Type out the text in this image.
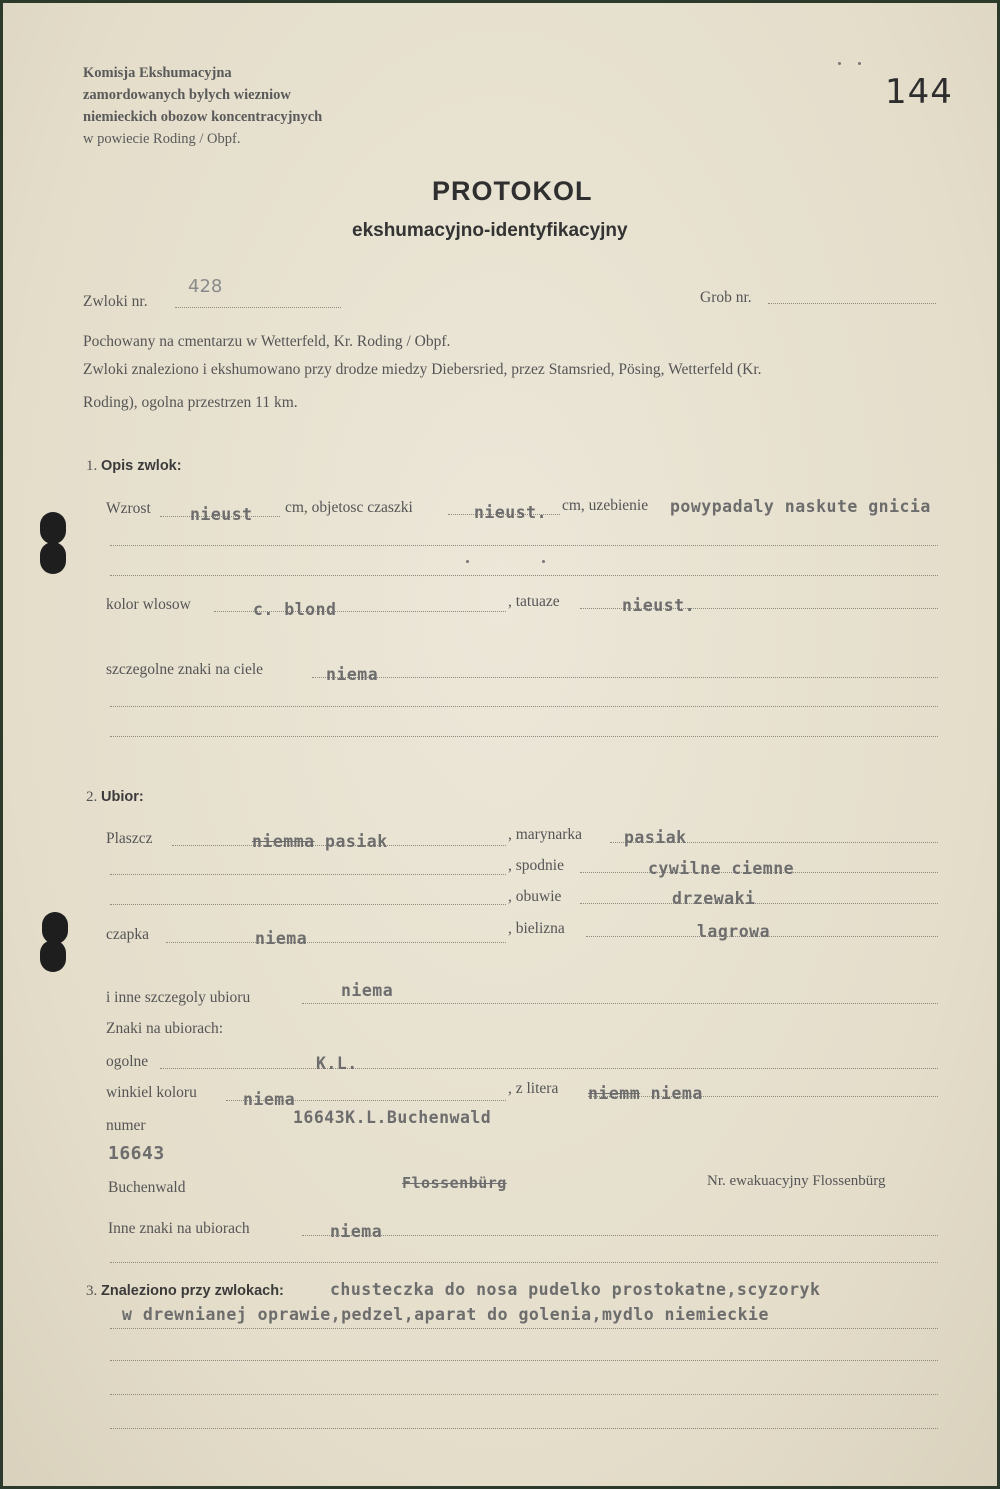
Komisja Ekshumacyjna
zamordowanych bylych wiezniow
niemieckich obozow koncentracyjnych
w powiecie Roding / Obpf.
144
PROTOKOL
ekshumacyjno-identyfikacyjny
Zwloki nr.
428
Grob nr.
Pochowany na cmentarzu w Wetterfeld, Kr. Roding / Obpf.
Zwloki znaleziono i ekshumowano przy drodze miedzy Diebersried, przez Stamsried, Pösing, Wetterfeld (Kr.
Roding), ogolna przestrzen 11 km.
1. Opis zwlok:
Wzrost nieust cm, objetosc czaszki	nieust. cm, uzebienie powypadaly naskute gnicia
kolor wlosow	c. blond	, tatuaze	nieust.
szczegolne znaki na ciele	niema
2. Ubior:
Plaszcz	niemma pasiak	, marynarka	pasiak
, spodnie	cywilne ciemne
, obuwie	drzewaki
czapka	niema
, bielizna	lagrowa
i inne szczegoly ubioru	niema
Znaki na ubiorach:
ogolne	K.L.
winkiel koloru	niema
, z litera niemm niema
numer	16643K.L.Buchenwald
16643
Buchenwald	Flossenbürg	Nr. ewakuacyjny Flossenbürg
Inne znaki na ubiorach	niema
3. Znaleziono przy zwlokach:	chusteczka do nosa pudelko prostokatne,scyzoryk
w drewnianej oprawie,pedzel,aparat do golenia,mydlo niemieckie
